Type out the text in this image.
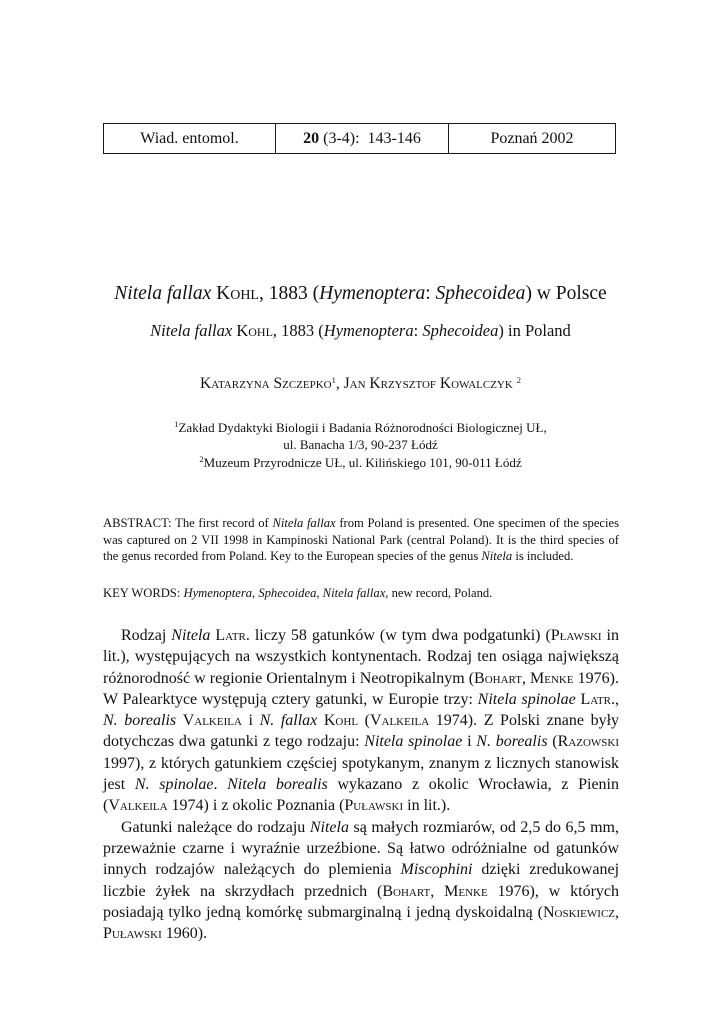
Wiad. entomol.	20 (3-4):  143-146	Poznań 2002
Nitela fallax Kohl, 1883 (Hymenoptera: Sphecoidea) w Polsce
Nitela fallax Kohl, 1883 (Hymenoptera: Sphecoidea) in Poland
Katarzyna Szczepko$^1$, Jan Krzysztof Kowalczyk $^2$
$^1$Zakład Dydaktyki Biologii i Badania Różnorodności Biologicznej UŁ,
ul. Banacha 1/3, 90-237 Łódź
$^2$Muzeum Przyrodnicze UŁ, ul. Kilińskiego 101, 90-011 Łódź
ABSTRACT: The first record of Nitela fallax from Poland is presented. One specimen of the species was captured on 2 VII 1998 in Kampinoski National Park (central Poland). It is the third species of the genus recorded from Poland. Key to the European species of the genus Nitela is included.
KEY WORDS: Hymenoptera, Sphecoidea, Nitela fallax, new record, Poland.

Rodzaj Nitela Latr. liczy 58 gatunków (w tym dwa podgatunki) (Pławski in lit.), występujących na wszystkich kontynentach. Rodzaj ten osiąga największą różnorodność w regionie Orientalnym i Neotropikalnym (Bohart, Menke 1976). W Palearktyce występują cztery gatunki, w Europie trzy: Nitela spinolae Latr., N. borealis Valkeila i N. fallax Kohl (Valkeila 1974). Z Polski znane były dotychczas dwa gatunki z tego rodzaju: Nitela spinolae i N. borealis (Razowski 1997), z których gatunkiem częściej spotykanym, znanym z licznych stanowisk jest N. spinolae. Nitela borealis wykazano z okolic Wrocławia, z Pienin (Valkeila 1974) i z okolic Poznania (Puławski in lit.).

Gatunki należące do rodzaju Nitela są małych rozmiarów, od 2,5 do 6,5 mm, przeważnie czarne i wyraźnie urzeźbione. Są łatwo odróżnialne od gatunków innych rodzajów należących do plemienia Miscophini dzięki zredukowanej liczbie żyłek na skrzydłach przednich (Bohart, Menke 1976), w których posiadają tylko jedną komórkę submarginalną i jedną dyskoidalną (Noskiewicz, Puławski 1960).
